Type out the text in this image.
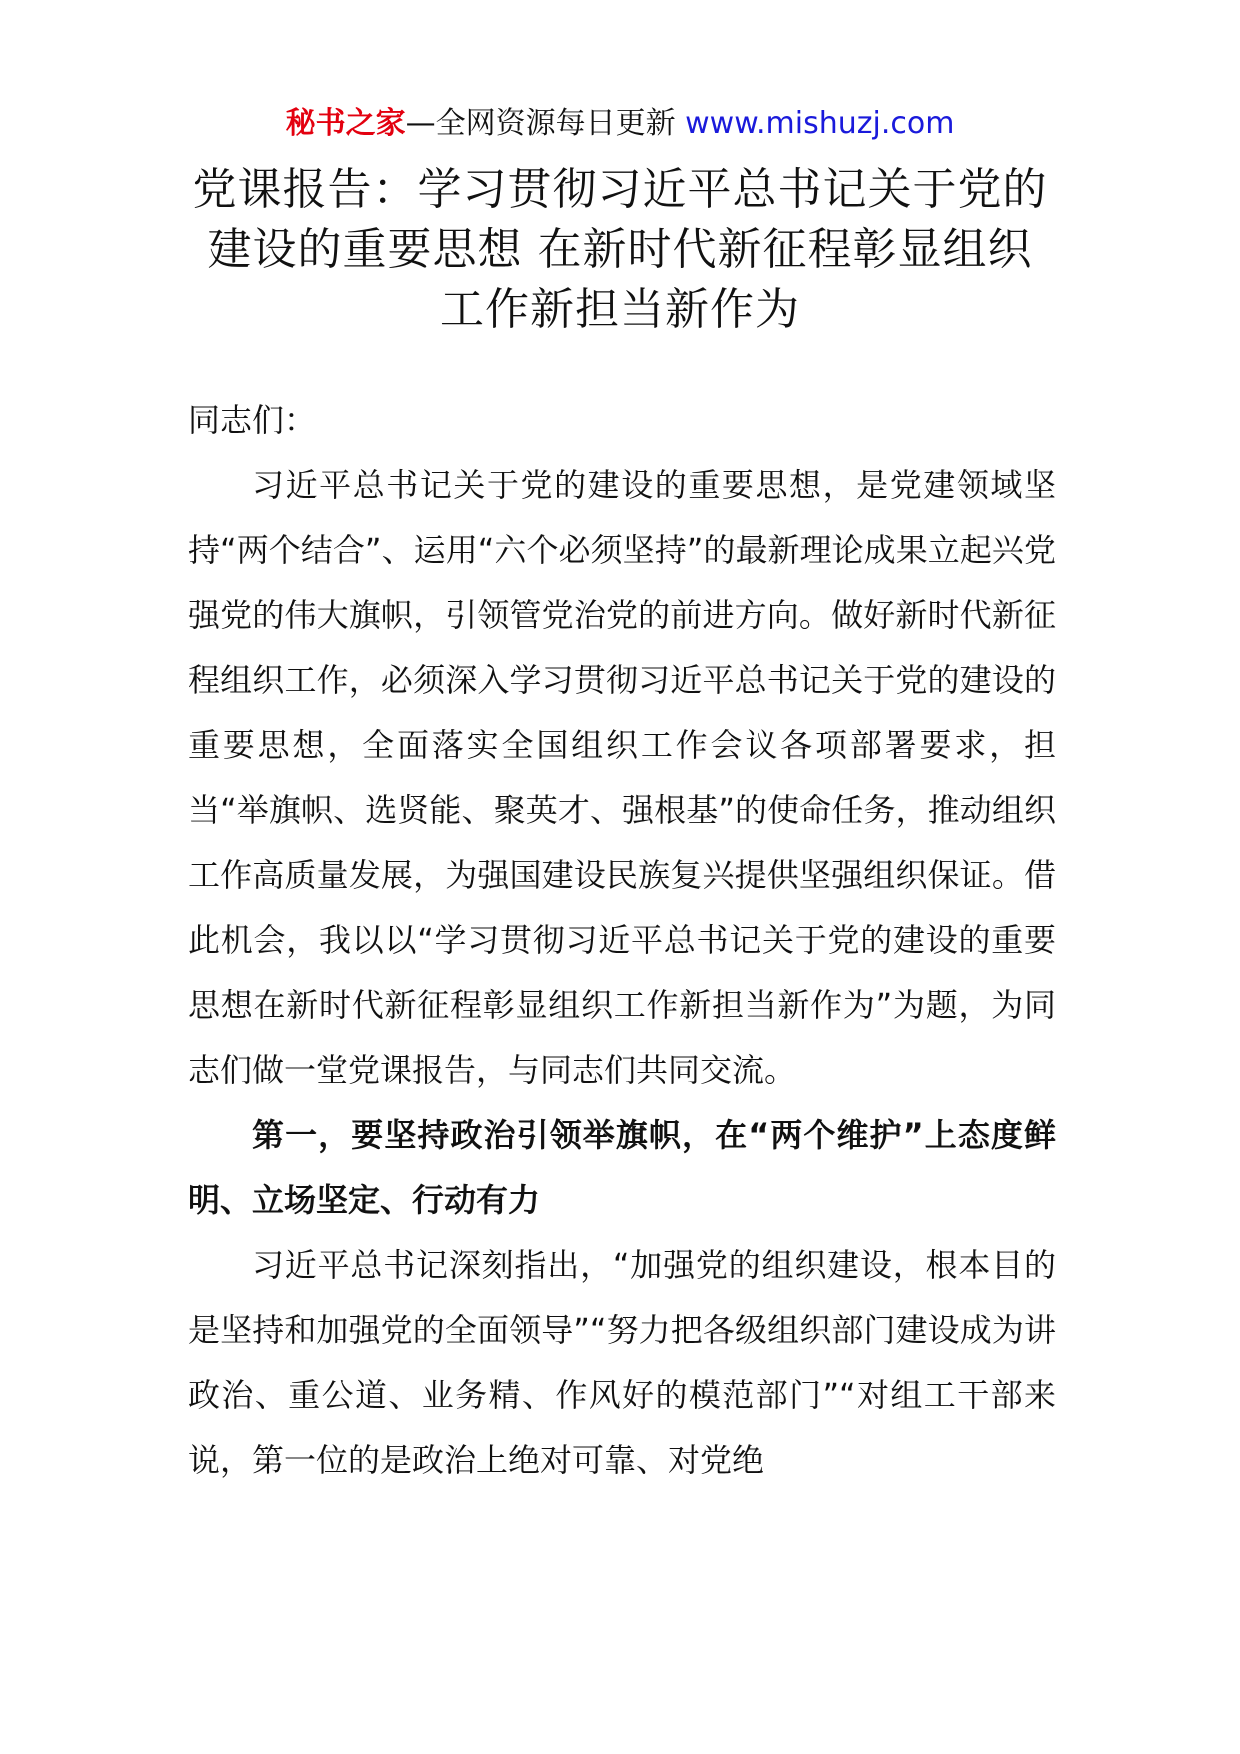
秘书之家—全网资源每日更新 www.mishuzj.com
党课报告：学习贯彻习近平总书记关于党的建设的重要思想 在新时代新征程彰显组织工作新担当新作为

同志们：

习近平总书记关于党的建设的重要思想，是党建领域坚持“两个结合”、运用“六个必须坚持”的最新理论成果立起兴党强党的伟大旗帜，引领管党治党的前进方向。做好新时代新征程组织工作，必须深入学习贯彻习近平总书记关于党的建设的重要思想，全面落实全国组织工作会议各项部署要求，担当“举旗帜、选贤能、聚英才、强根基”的使命任务，推动组织工作高质量发展，为强国建设民族复兴提供坚强组织保证。借此机会，我以以“学习贯彻习近平总书记关于党的建设的重要思想在新时代新征程彰显组织工作新担当新作为”为题，为同志们做一堂党课报告，与同志们共同交流。

第一，要坚持政治引领举旗帜，在“两个维护”上态度鲜明、立场坚定、行动有力

习近平总书记深刻指出，“加强党的组织建设，根本目的是坚持和加强党的全面领导”“努力把各级组织部门建设成为讲政治、重公道、业务精、作风好的模范部门”“对组工干部来说，第一位的是政治上绝对可靠、对党绝
